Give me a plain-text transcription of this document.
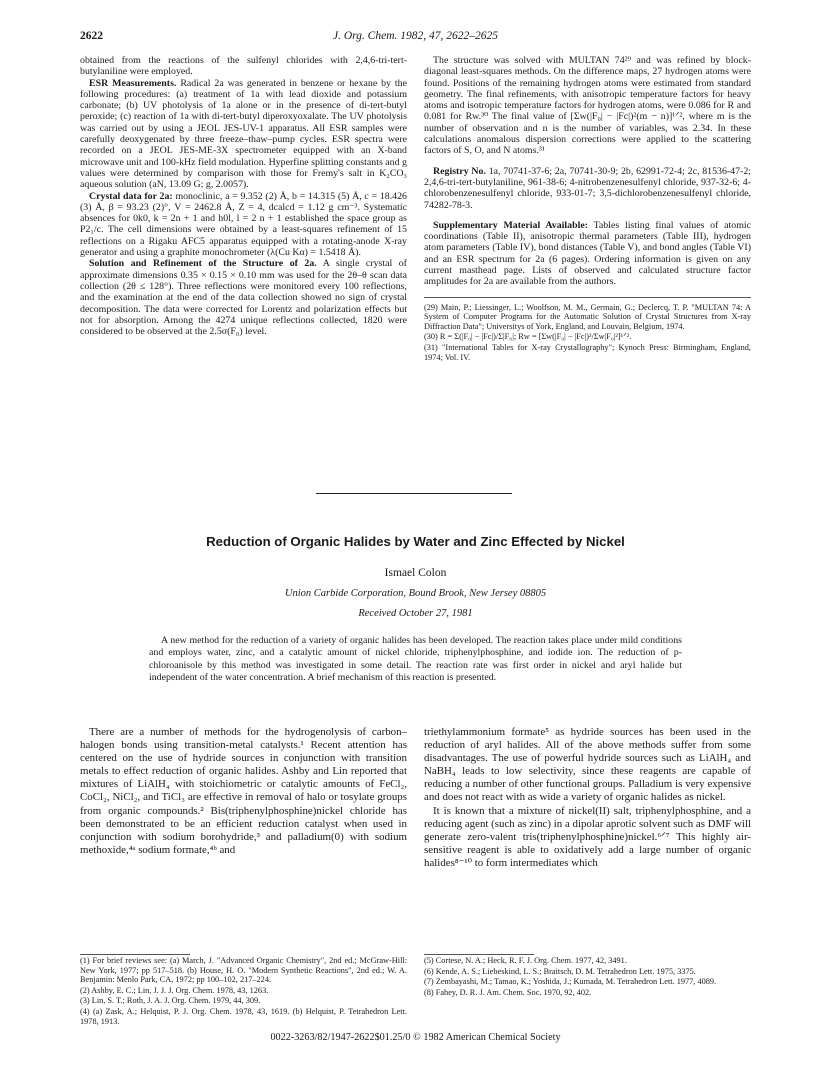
2622	J. Org. Chem. 1982, 47, 2622–2625

obtained from the reactions of the sulfenyl chlorides with 2,4,6-tri-tert-butylaniline were employed.

ESR Measurements. Radical 2a was generated in benzene or hexane by the following procedures: (a) treatment of 1a with lead dioxide and potassium carbonate; (b) UV photolysis of 1a alone or in the presence of di-tert-butyl peroxide; (c) reaction of 1a with di-tert-butyl diperoxyoxalate. The UV photolysis was carried out by using a JEOL JES-UV-1 apparatus. All ESR samples were carefully deoxygenated by three freeze–thaw–pump cycles. ESR spectra were recorded on a JEOL JES-ME-3X spectrometer equipped with an X-band microwave unit and 100-kHz field modulation. Hyperfine splitting constants and g values were determined by comparison with those for Fremy's salt in K₂CO₃ aqueous solution (aN, 13.09 G; g, 2.0057).

Crystal data for 2a: monoclinic, a = 9.352 (2) Å, b = 14.315 (5) Å, c = 18.426 (3) Å, β = 93.23 (2)°, V = 2462.8 Å, Z = 4, dcalcd = 1.12 g cm⁻³. Systematic absences for 0k0, k = 2n + 1 and h0l, l = 2 n + 1 established the space group as P2₁/c. The cell dimensions were obtained by a least-squares refinement of 15 reflections on a Rigaku AFC5 apparatus equipped with a rotating-anode X-ray generator and using a graphite monochrometer (λ(Cu Kα) = 1.5418 Å).

Solution and Refinement of the Structure of 2a. A single crystal of approximate dimensions 0.35 × 0.15 × 0.10 mm was used for the 2θ–θ scan data collection (2θ ≤ 128°). Three reflections were monitored every 100 reflections, and the examination at the end of the data collection showed no sign of crystal decomposition. The data were corrected for Lorentz and polarization effects but not for absorption. Among the 4274 unique reflections collected, 1820 were considered to be observed at the 2.5σ(F₀) level.

The structure was solved with MULTAN 74²⁹ and was refined by block-diagonal least-squares methods. On the difference maps, 27 hydrogen atoms were found. Positions of the remaining hydrogen atoms were estimated from standard geometry. The final refinements, with anisotropic temperature factors for heavy atoms and isotropic temperature factors for hydrogen atoms, were 0.086 for R and 0.081 for Rw.³⁰ The final value of [Σw(|F₀| − |Fc|)²(m − n)]¹ᐟ², where m is the number of observation and n is the number of variables, was 2.34. In these calculations anomalous dispersion corrections were applied to the scattering factors of S, O, and N atoms.³¹

Registry No. 1a, 70741-37-6; 2a, 70741-30-9; 2b, 62991-72-4; 2c, 81536-47-2; 2,4,6-tri-tert-butylaniline, 961-38-6; 4-nitrobenzenesulfenyl chloride, 937-32-6; 4-chlorobenzenesulfenyl chloride, 933-01-7; 3,5-dichlorobenzenesulfenyl chloride, 74282-78-3.

Supplementary Material Available: Tables listing final values of atomic coordinations (Table II), anisotropic thermal parameters (Table III), hydrogen atom parameters (Table IV), bond distances (Table V), and bond angles (Table VI) and an ESR spectrum for 2a (6 pages). Ordering information is given on any current masthead page. Lists of observed and calculated structure factor amplitudes for 2a are available from the authors.

(29) Main, P.; Liessinger, L.; Woolfson, M. M., Germain, G.; Declercq, T. P. "MULTAN 74: A System of Computer Programs for the Automatic Solution of Crystal Structures from X-ray Diffraction Data"; Universitys of York, England, and Louvain, Belgium, 1974.
(30) R = Σ(|F₀| − |Fc|)/Σ|F₀|; Rw = [Σw(|F₀| − |Fc|)²/Σw|F₀|²]¹ᐟ².
(31) "International Tables for X-ray Crystallography"; Kynoch Press: Birmingham, England, 1974; Vol. IV.
Reduction of Organic Halides by Water and Zinc Effected by Nickel
Ismael Colon
Union Carbide Corporation, Bound Brook, New Jersey 08805
Received October 27, 1981
A new method for the reduction of a variety of organic halides has been developed. The reaction takes place under mild conditions and employs water, zinc, and a catalytic amount of nickel chloride, triphenylphosphine, and iodide ion. The reduction of p-chloroanisole by this method was investigated in some detail. The reaction rate was first order in nickel and aryl halide but independent of the water concentration. A brief mechanism of this reaction is presented.

There are a number of methods for the hydrogenolysis of carbon–halogen bonds using transition-metal catalysts.¹ Recent attention has centered on the use of hydride sources in conjunction with transition metals to effect reduction of organic halides. Ashby and Lin reported that mixtures of LiAlH₄ with stoichiometric or catalytic amounts of FeCl₂, CoCl₂, NiCl₂, and TiCl₃ are effective in removal of halo or tosylate groups from organic compounds.² Bis(triphenylphosphine)nickel chloride has been demonstrated to be an efficient reduction catalyst when used in conjunction with sodium borohydride,³ and palladium(0) with sodium methoxide,⁴ᵃ sodium formate,⁴ᵇ and

triethylammonium formate⁵ as hydride sources has been used in the reduction of aryl halides. All of the above methods suffer from some disadvantages. The use of powerful hydride sources such as LiAlH₄ and NaBH₄ leads to low selectivity, since these reagents are capable of reducing a number of other functional groups. Palladium is very expensive and does not react with as wide a variety of organic halides as nickel.

It is known that a mixture of nickel(II) salt, triphenylphosphine, and a reducing agent (such as zinc) in a dipolar aprotic solvent such as DMF will generate zero-valent tris(triphenylphosphine)nickel.⁶ᐟ⁷ This highly air-sensitive reagent is able to oxidatively add a large number of organic halides⁸⁻¹⁰ to form intermediates which

(1) For brief reviews see: (a) March, J. "Advanced Organic Chemistry", 2nd ed.; McGraw-Hill: New York, 1977; pp 517–518. (b) House, H. O. "Modern Synthetic Reactions", 2nd ed.; W. A. Benjamin: Menlo Park, CA, 1972; pp 100–102, 217–224.
(2) Ashby, E. C.; Lin, J. J. J. Org. Chem. 1978, 43, 1263.
(3) Lin, S. T.; Roth, J. A. J. Org. Chem. 1979, 44, 309.
(4) (a) Zask, A.; Helquist, P. J. Org. Chem. 1978, 43, 1619. (b) Helquist, P. Tetrahedron Lett. 1978, 1913.
(5) Cortese, N. A.; Heck, R. F. J. Org. Chem. 1977, 42, 3491.
(6) Kende, A. S.; Liebeskind, L. S.; Braitsch, D. M. Tetrahedron Lett. 1975, 3375.
(7) Zembayashi, M.; Tamao, K.; Yoshida, J.; Kumada, M. Tetrahedron Lett. 1977, 4089.
(8) Fahey, D. R. J. Am. Chem. Soc. 1970, 92, 402.
0022-3263/82/1947-2622$01.25/0 © 1982 American Chemical Society
